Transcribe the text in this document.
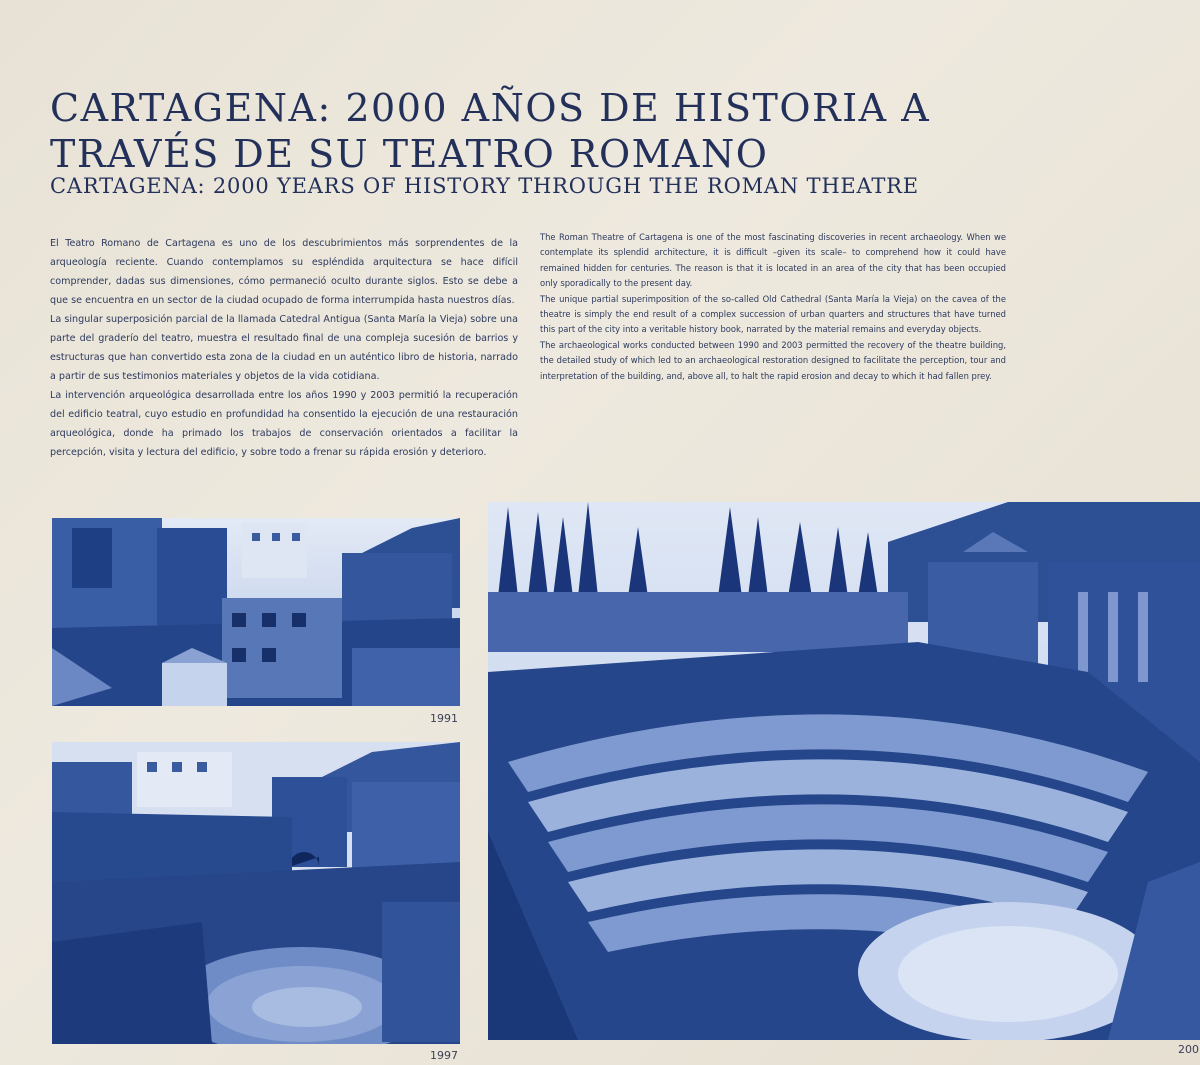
CARTAGENA: 2000 AÑOS DE HISTORIA A TRAVÉS DE SU TEATRO ROMANO
CARTAGENA: 2000 YEARS OF HISTORY THROUGH THE ROMAN THEATRE

El Teatro Romano de Cartagena es uno de los descubrimientos más sorprendentes de la arqueología reciente. Cuando contemplamos su espléndida arquitectura se hace difícil comprender, dadas sus dimensiones, cómo permaneció oculto durante siglos. Esto se debe a que se encuentra en un sector de la ciudad ocupado de forma interrumpida hasta nuestros días.

La singular superposición parcial de la llamada Catedral Antigua (Santa María la Vieja) sobre una parte del graderío del teatro, muestra el resultado final de una compleja sucesión de barrios y estructuras que han convertido esta zona de la ciudad en un auténtico libro de historia, narrado a partir de sus testimonios materiales y objetos de la vida cotidiana.

La intervención arqueológica desarrollada entre los años 1990 y 2003 permitió la recuperación del edificio teatral, cuyo estudio en profundidad ha consentido la ejecución de una restauración arqueológica, donde ha primado los trabajos de conservación orientados a facilitar la percepción, visita y lectura del edificio, y sobre todo a frenar su rápida erosión y deterioro.

The Roman Theatre of Cartagena is one of the most fascinating discoveries in recent archaeology. When we contemplate its splendid architecture, it is difficult –given its scale– to comprehend how it could have remained hidden for centuries. The reason is that it is located in an area of the city that has been occupied only sporadically to the present day.

The unique partial superimposition of the so-called Old Cathedral (Santa María la Vieja) on the cavea of the theatre is simply the end result of a complex succession of urban quarters and structures that have turned this part of the city into a veritable history book, narrated by the material remains and everyday objects.

The archaeological works conducted between 1990 and 2003 permitted the recovery of the theatre building, the detailed study of which led to an archaeological restoration designed to facilitate the perception, tour and interpretation of the building, and, above all, to halt the rapid erosion and decay to which it had fallen prey.

1991
1997	200
